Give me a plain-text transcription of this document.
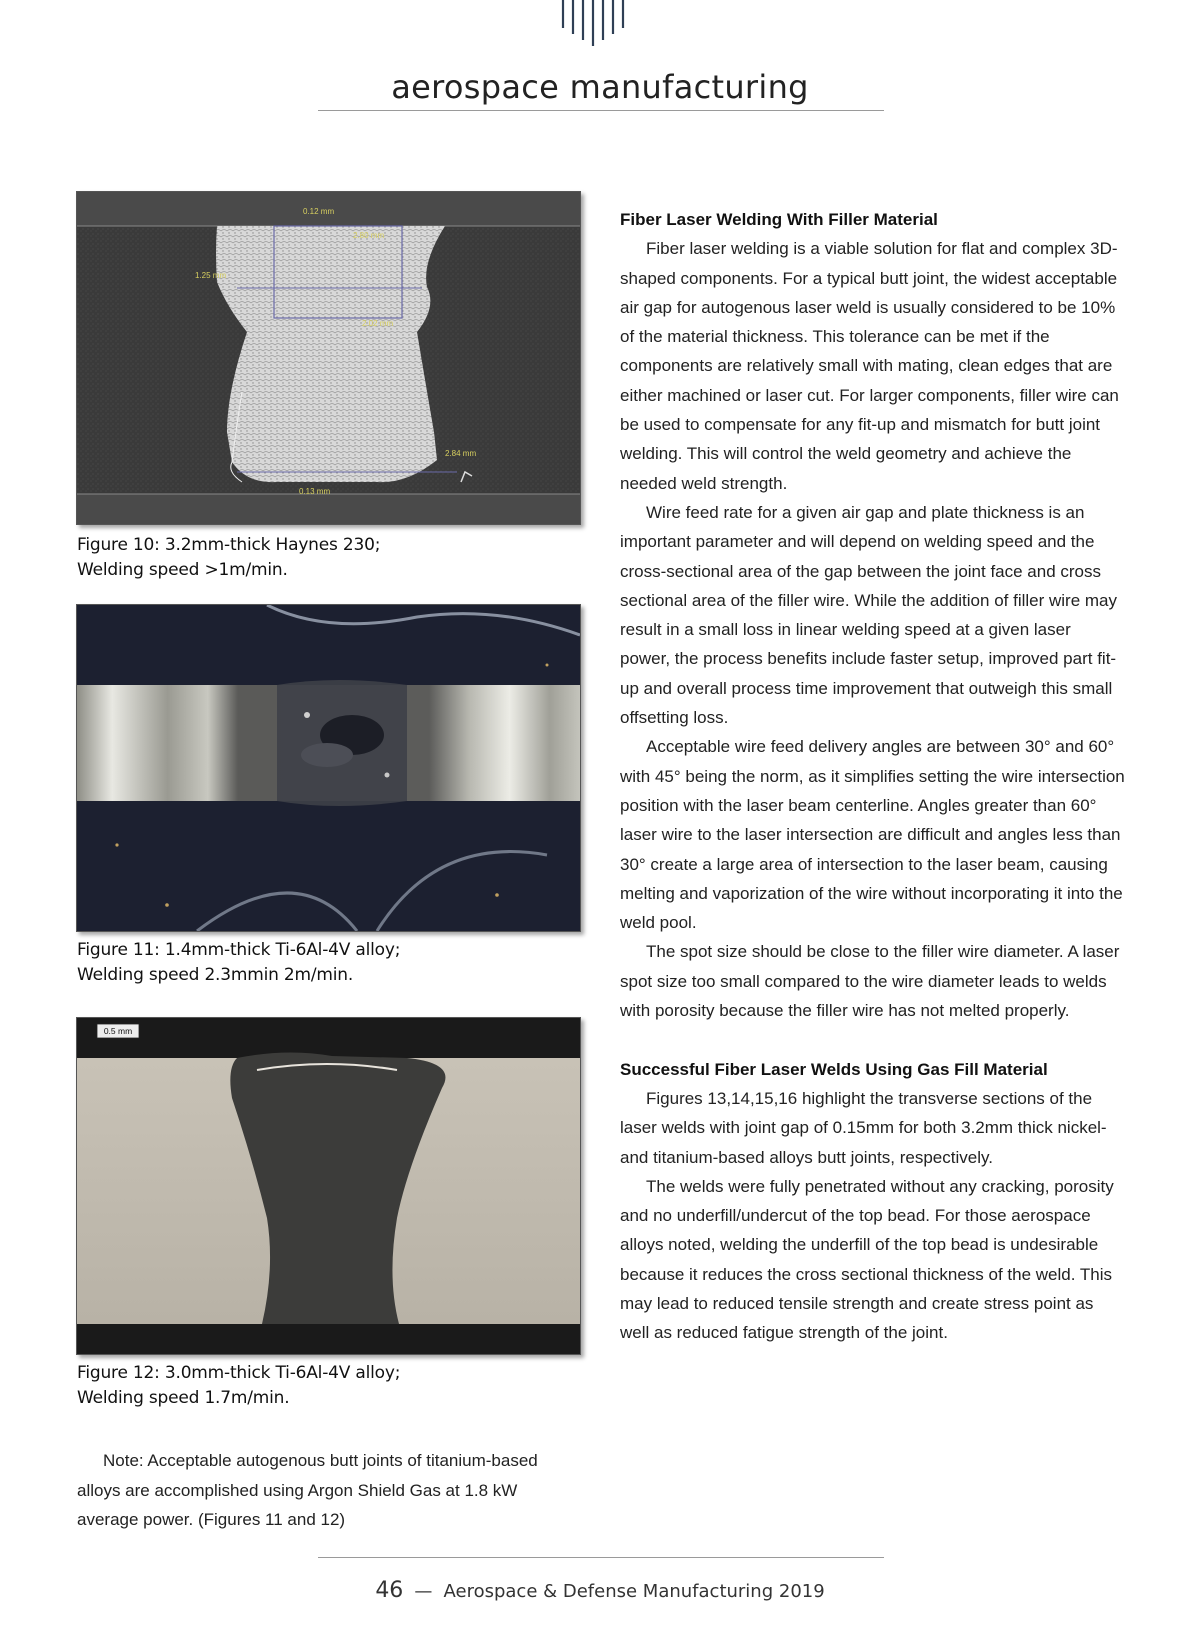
aerospace manufacturing
0.12 mm
2.80 mm
1.25 mm
2.02 mm
2.84 mm
0.13 mm
Figure 10: 3.2mm-thick Haynes 230;
Welding speed >1m/min.
Figure 11: 1.4mm-thick Ti-6Al-4V alloy;
Welding speed 2.3mmin 2m/min.
0.5 mm
Figure 12: 3.0mm-thick Ti-6Al-4V alloy;
Welding speed 1.7m/min.

Note: Acceptable autogenous butt joints of titanium-based alloys are accomplished using Argon Shield Gas at 1.8 kW average power. (Figures 11 and 12)

Fiber Laser Welding With Filler Material

Fiber laser welding is a viable solution for flat and complex 3D-shaped components. For a typical butt joint, the widest acceptable air gap for autogenous laser weld is usually considered to be 10% of the material thickness. This tolerance can be met if the components are relatively small with mating, clean edges that are either machined or laser cut. For larger components, filler wire can be used to compensate for any fit-up and mismatch for butt joint welding. This will control the weld geometry and achieve the needed weld strength.

Wire feed rate for a given air gap and plate thickness is an important parameter and will depend on welding speed and the cross-sectional area of the gap between the joint face and cross sectional area of the filler wire. While the addition of filler wire may result in a small loss in linear welding speed at a given laser power, the process benefits include faster setup, improved part fit-up and overall process time improvement that outweigh this small offsetting loss.

Acceptable wire feed delivery angles are between 30° and 60° with 45° being the norm, as it simplifies setting the wire intersection position with the laser beam centerline. Angles greater than 60° laser wire to the laser intersection are difficult and angles less than 30° create a large area of intersection to the laser beam, causing melting and vaporization of the wire without incorporating it into the weld pool.

The spot size should be close to the filler wire diameter. A laser spot size too small compared to the wire diameter leads to welds with porosity because the filler wire has not melted properly.

Successful Fiber Laser Welds Using Gas Fill Material

Figures 13,14,15,16 highlight the transverse sections of the laser welds with joint gap of 0.15mm for both 3.2mm thick nickel- and titanium-based alloys butt joints, respectively.

The welds were fully penetrated without any cracking, porosity and no underfill/undercut of the top bead. For those aerospace alloys noted, welding the underfill of the top bead is undesirable because it reduces the cross sectional thickness of the weld. This may lead to reduced tensile strength and create stress point as well as reduced fatigue strength of the joint.

46 — Aerospace & Defense Manufacturing 2019
